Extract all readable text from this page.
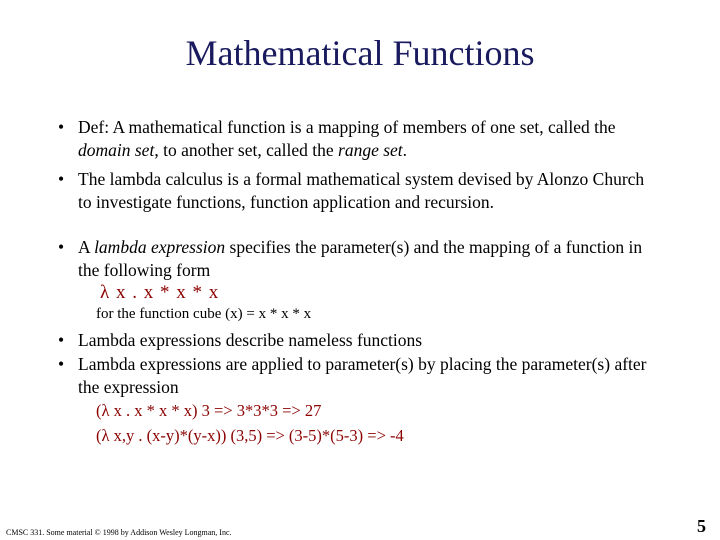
Mathematical Functions
• Def: A mathematical function is a mapping of members of one set, called the domain set, to another set, called the range set.
• The lambda calculus is a formal mathematical system devised by Alonzo Church to investigate functions, function application and recursion.
• A lambda expression specifies the parameter(s) and the mapping of a function in the following form
λ x . x * x * x
for the function cube (x) = x * x * x
• Lambda expressions describe nameless functions
• Lambda expressions are applied to parameter(s) by placing the parameter(s) after the expression
(λ x . x * x * x) 3 => 3*3*3 => 27
(λ x,y . (x-y)*(y-x)) (3,5) => (3-5)*(5-3) => -4
CMSC 331. Some material © 1998 by Addison Wesley Longman, Inc.	5
